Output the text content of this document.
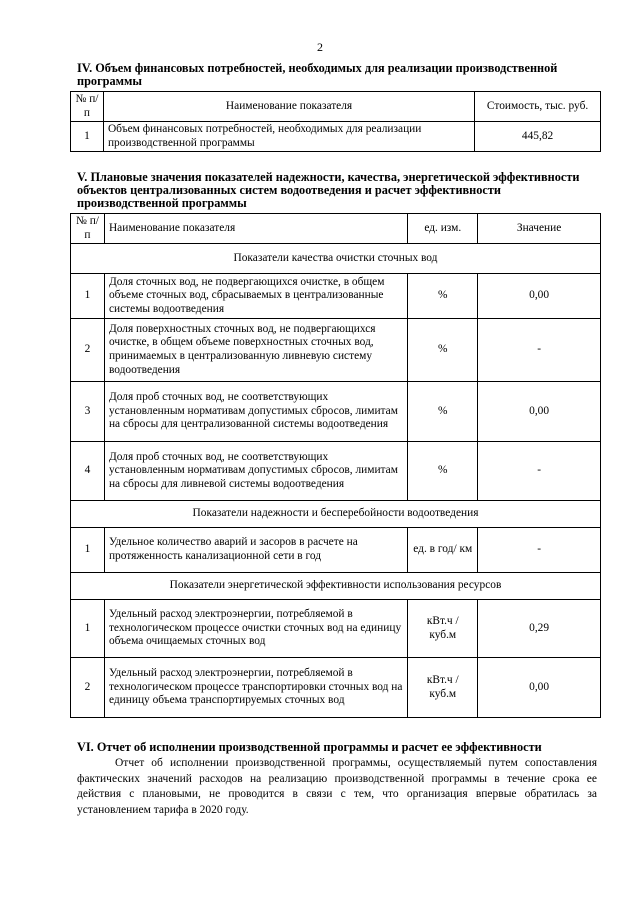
2
IV. Объем финансовых потребностей, необходимых для реализации производственной программы
№ п/п	Наименование показателя	Стоимость, тыс. руб.
1	Объем финансовых потребностей, необходимых для реализации производственной программы	445,82
V. Плановые значения показателей надежности, качества, энергетической эффективности объектов централизованных систем водоотведения и расчет эффективности производственной программы
№ п/п	Наименование показателя	ед. изм.	Значение
Показатели качества очистки сточных вод			
1	Доля сточных вод, не подвергающихся очистке, в общем объеме сточных вод, сбрасываемых в централизованные системы водоотведения	%	0,00
2	Доля поверхностных сточных вод, не подвергающихся очистке, в общем объеме поверхностных сточных вод, принимаемых в централизованную ливневую систему водоотведения	%	-
3	Доля проб сточных вод, не соответствующих установленным нормативам допустимых сбросов, лимитам на сбросы для централизованной системы водоотведения	%	0,00
4	Доля проб сточных вод, не соответствующих установленным нормативам допустимых сбросов, лимитам на сбросы для ливневой системы водоотведения	%	-
Показатели надежности и бесперебойности водоотведения			
1	Удельное количество аварий и засоров в расчете на протяженность канализационной сети в год	ед. в год/ км	-
Показатели энергетической эффективности использования ресурсов			
1	Удельный расход электроэнергии, потребляемой в технологическом процессе очистки сточных вод на единицу объема очищаемых сточных вод	кВт.ч / куб.м	0,29
2	Удельный расход электроэнергии, потребляемой в технологическом процессе транспортировки сточных вод на единицу объема транспортируемых сточных вод	кВт.ч / куб.м	0,00
VI. Отчет об исполнении производственной программы и расчет ее эффективности
Отчет об исполнении производственной программы, осуществляемый путем сопоставления фактических значений расходов на реализацию производственной программы в течение срока ее действия с плановыми, не проводится в связи с тем, что организация впервые обратилась за установлением тарифа в 2020 году.
